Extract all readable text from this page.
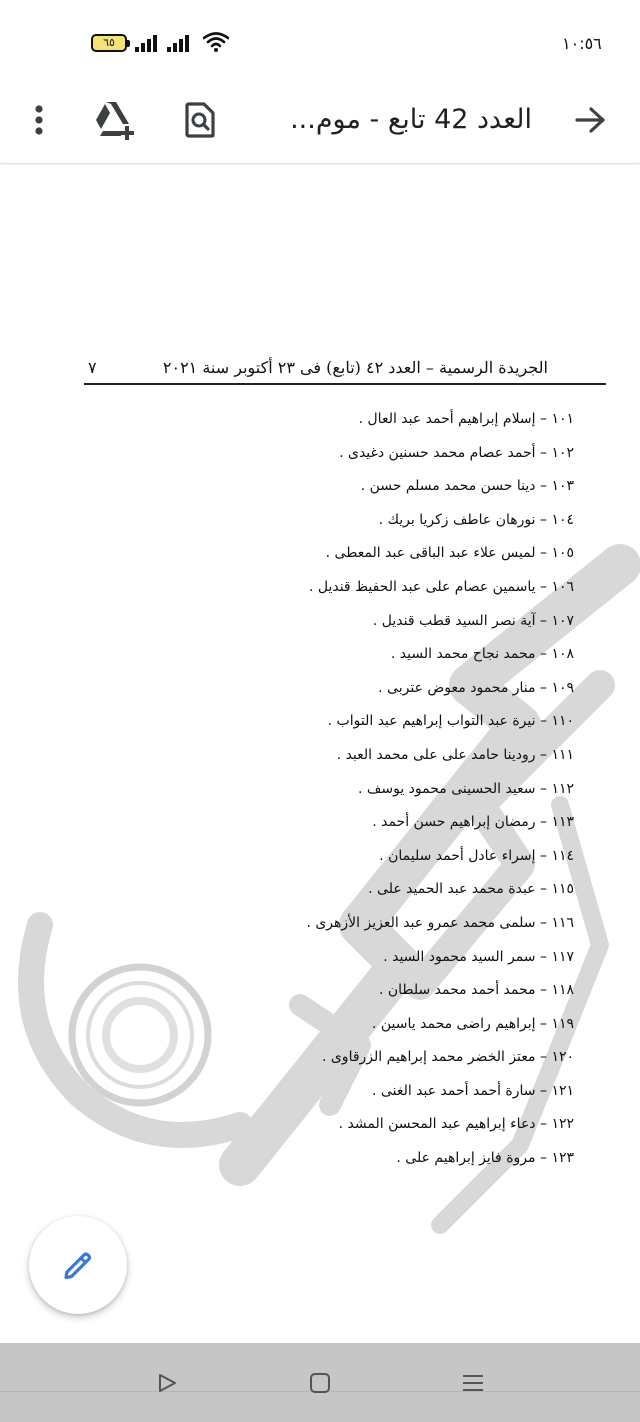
٦٥	١٠:٥٦
العدد 42 تابع - موم...
الجريدة الرسمية – العدد ٤٢ (تابع) فى ٢٣ أكتوبر سنة ٢٠٢١
٧
١٠١ – إسلام إبراهيم أحمد عبد العال .
١٠٢ – أحمد عصام محمد حسنين دغيدى .
١٠٣ – دينا حسن محمد مسلم حسن .
١٠٤ – نورهان عاطف زكريا بريك .
١٠٥ – لميس علاء عبد الباقى عبد المعطى .
١٠٦ – ياسمين عصام على عبد الحفيظ قنديل .
١٠٧ – آية نصر السيد قطب قنديل .
١٠٨ – محمد نجاح محمد السيد .
١٠٩ – منار محمود معوض عتربى .
١١٠ – نيرة عبد التواب إبراهيم عبد التواب .
١١١ – رودينا حامد على على محمد العبد .
١١٢ – سعيد الحسينى محمود يوسف .
١١٣ – رمضان إبراهيم حسن أحمد .
١١٤ – إسراء عادل أحمد سليمان .
١١٥ – عبدة محمد عبد الحميد على .
١١٦ – سلمى محمد عمرو عبد العزيز الأزهرى .
١١٧ – سمر السيد محمود السيد .
١١٨ – محمد أحمد محمد سلطان .
١١٩ – إبراهيم راضى محمد ياسين .
١٢٠ – معتز الخضر محمد إبراهيم الزرقاوى .
١٢١ – سارة أحمد أحمد عبد الغنى .
١٢٢ – دعاء إبراهيم عبد المحسن المشد .
١٢٣ – مروة فايز إبراهيم على .
